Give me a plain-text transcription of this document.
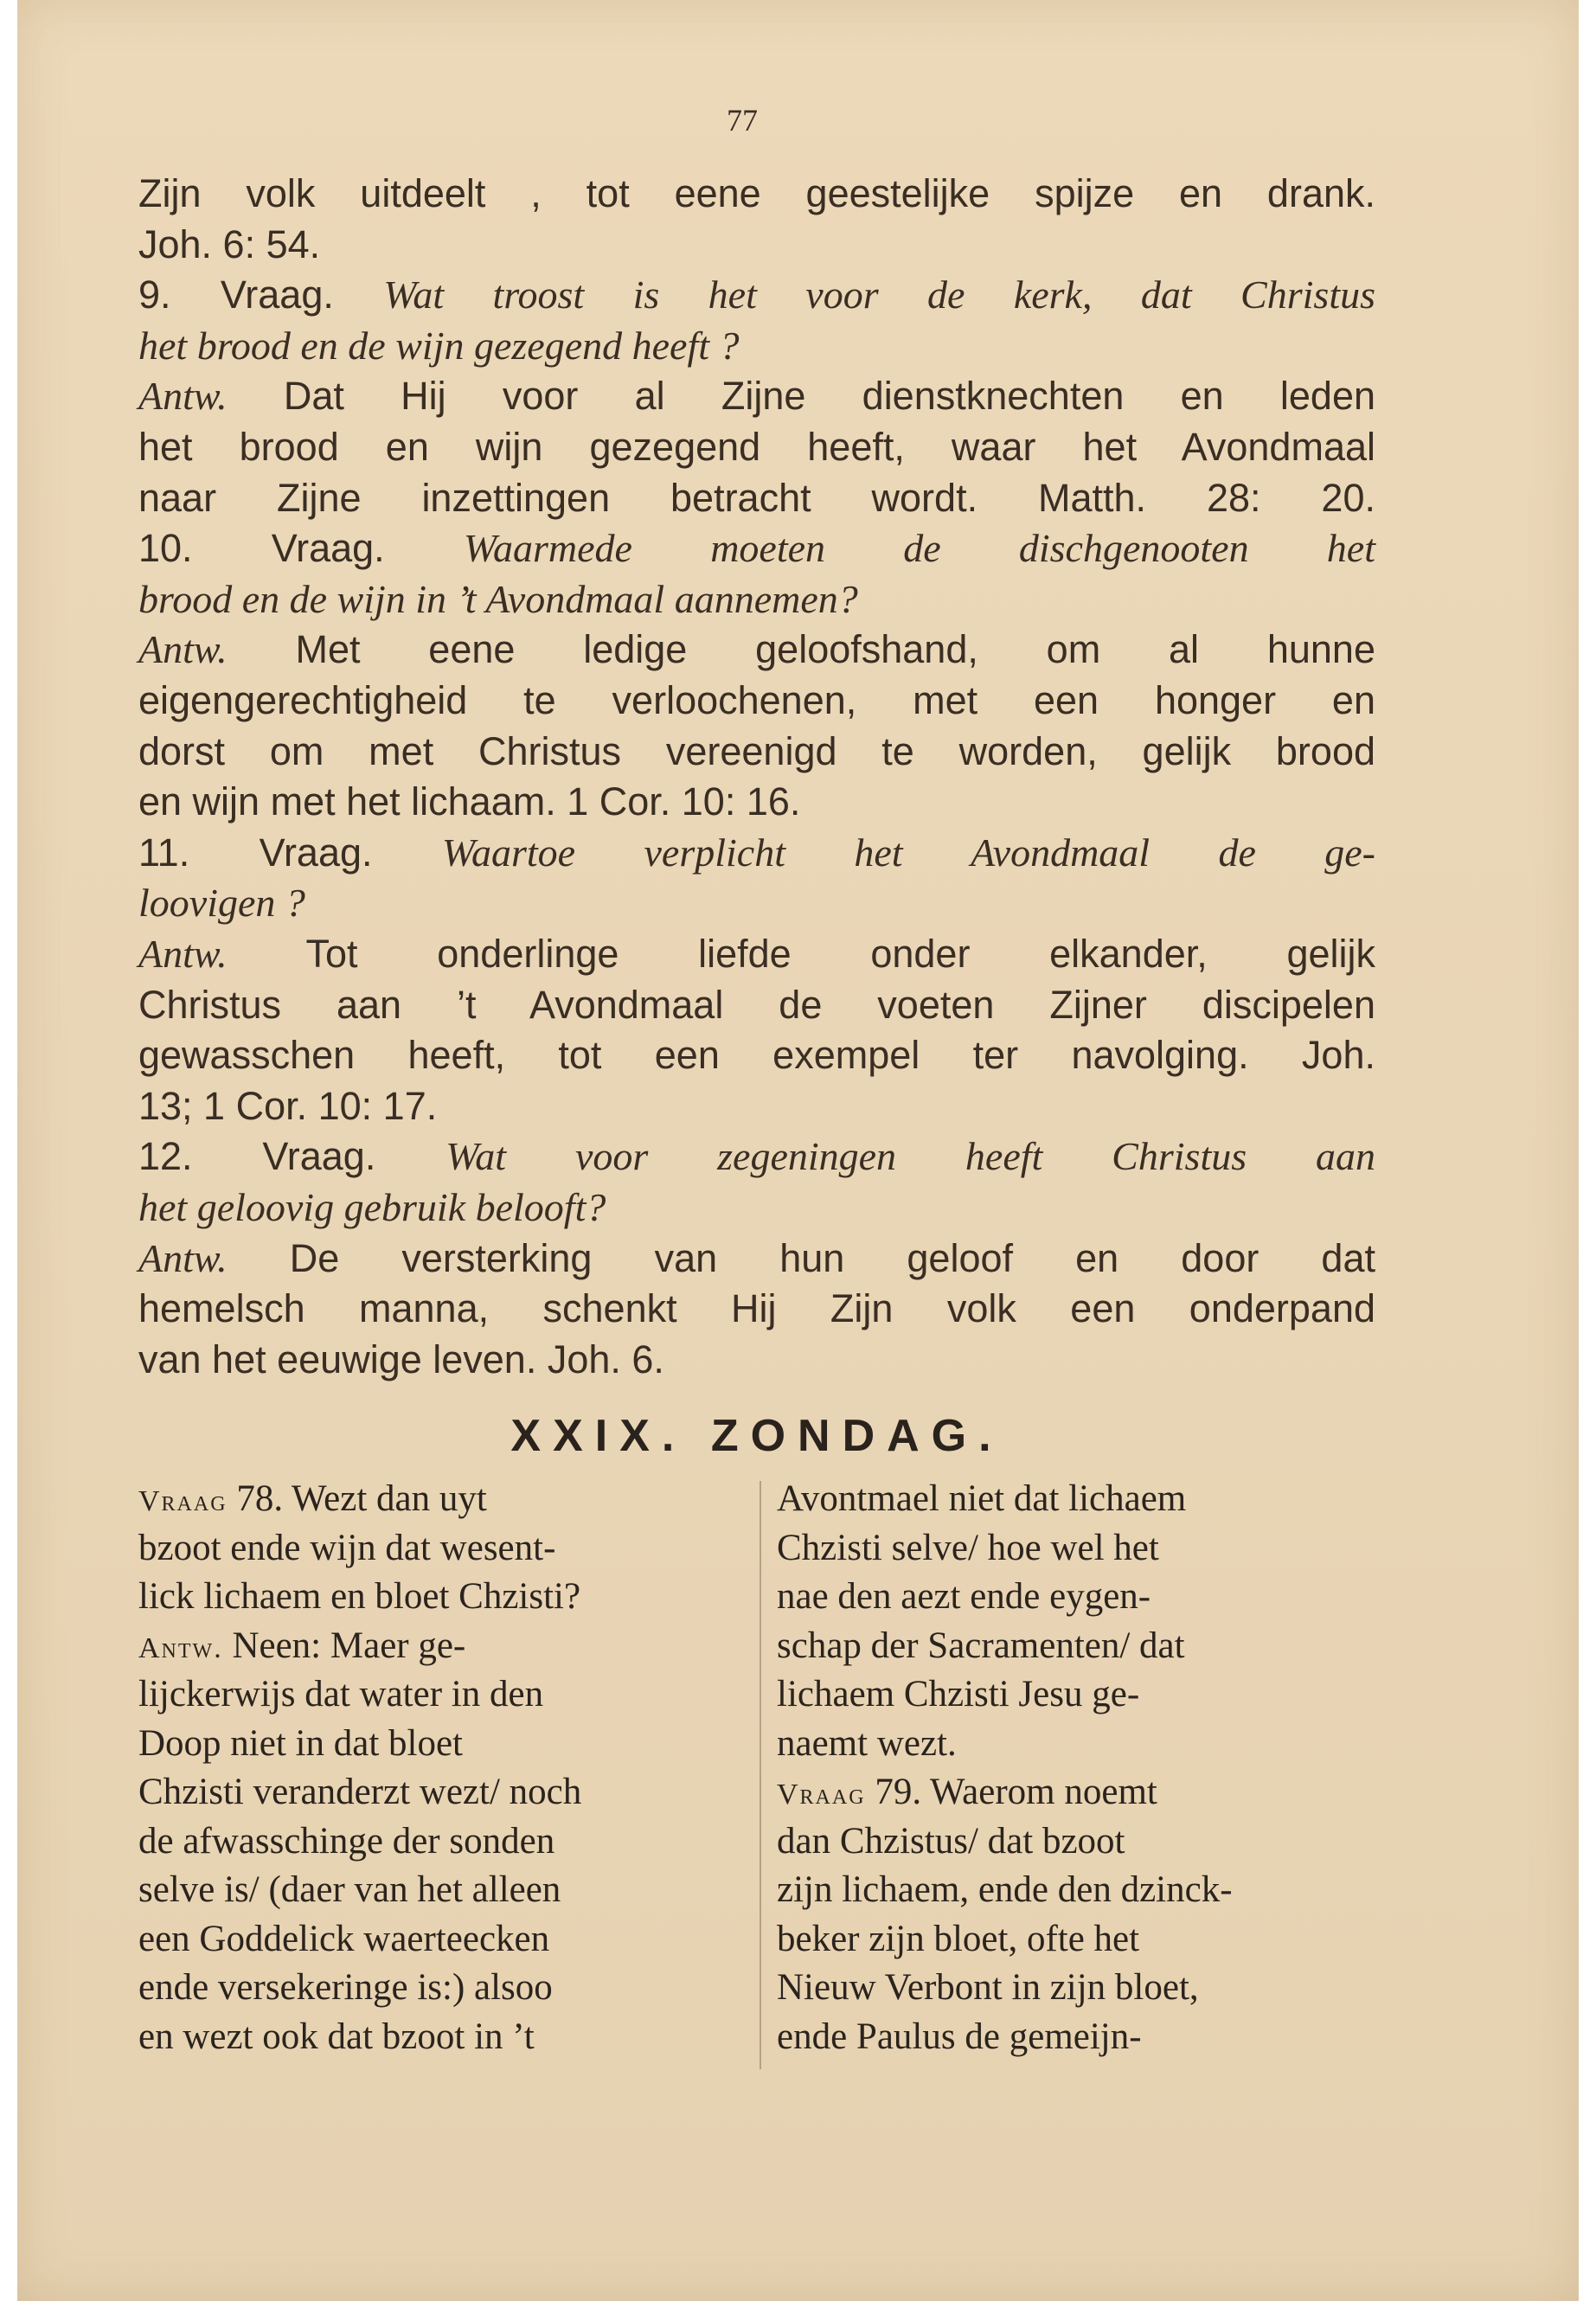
77
Zijn volk uitdeelt , tot eene geestelijke spijze en drank.
Joh. 6: 54.
9. Vraag. Wat troost is het voor de kerk, dat Christus
het brood en de wijn gezegend heeft ?
Antw. Dat Hij voor al Zijne dienstknechten en leden
het brood en wijn gezegend heeft, waar het Avondmaal
naar Zijne inzettingen betracht wordt. Matth. 28: 20.
10. Vraag. Waarmede moeten de dischgenooten het
brood en de wijn in ’t Avondmaal aannemen?
Antw. Met eene ledige geloofshand, om al hunne
eigengerechtigheid te verloochenen, met een honger en
dorst om met Christus vereenigd te worden, gelijk brood
en wijn met het lichaam. 1 Cor. 10: 16.
11. Vraag. Waartoe verplicht het Avondmaal de ge-
loovigen ?
Antw. Tot onderlinge liefde onder elkander, gelijk
Christus aan ’t Avondmaal de voeten Zijner discipelen
gewasschen heeft, tot een exempel ter navolging. Joh.
13; 1 Cor. 10: 17.
12. Vraag. Wat voor zegeningen heeft Christus aan
het geloovig gebruik belooft?
Antw. De versterking van hun geloof en door dat
hemelsch manna, schenkt Hij Zijn volk een onderpand
van het eeuwige leven. Joh. 6.
XXIX. ZONDAG.
Vraag 78. Wezt dan uyt
bzoot ende wijn dat wesent-
lick lichaem en bloet Chzisti?
Antw. Neen: Maer ge-
lijckerwijs dat water in den
Doop niet in dat bloet
Chzisti veranderzt wezt/ noch
de afwasschinge der sonden
selve is/ (daer van het alleen
een Goddelick waerteecken
ende versekeringe is:) alsoo
en wezt ook dat bzoot in ’t
Avontmael niet dat lichaem
Chzisti selve/ hoe wel het
nae den aezt ende eygen-
schap der Sacramenten/ dat
lichaem Chzisti Jesu ge-
naemt wezt.
Vraag 79. Waerom noemt
dan Chzistus/ dat bzoot
zijn lichaem, ende den dzinck-
beker zijn bloet, ofte het
Nieuw Verbont in zijn bloet,
ende Paulus de gemeijn-
